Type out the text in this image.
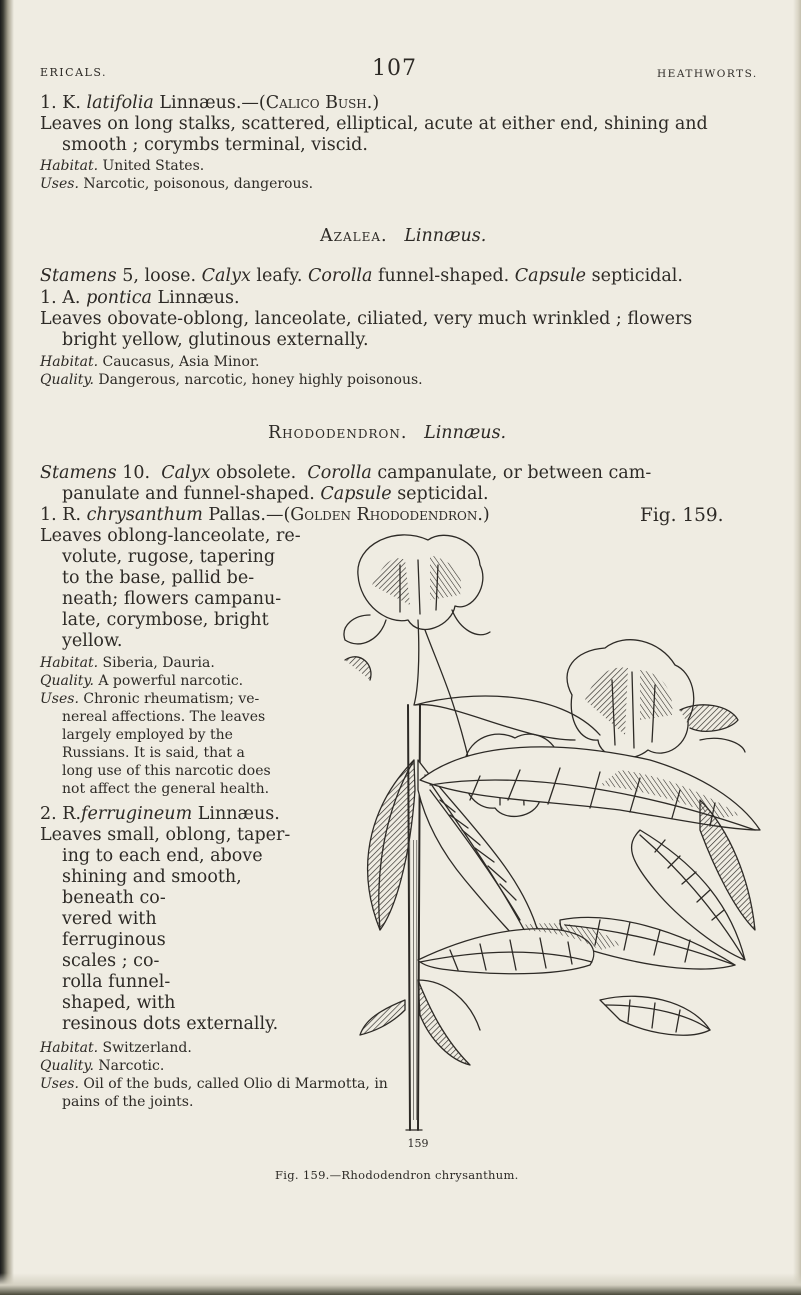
ERICALS.	107	HEATHWORTS.
1. K. latifolia Linnæus.—(Calico Bush.)
Leaves on long stalks, scattered, elliptical, acute at either end, shining and
smooth ; corymbs terminal, viscid.
Habitat. United States.
Uses. Narcotic, poisonous, dangerous.
Azalea. Linnæus.
Stamens 5, loose. Calyx leafy. Corolla funnel-shaped. Capsule septicidal.
1. A. pontica Linnæus.
Leaves obovate-oblong, lanceolate, ciliated, very much wrinkled ; flowers
bright yellow, glutinous externally.
Habitat. Caucasus, Asia Minor.
Quality. Dangerous, narcotic, honey highly poisonous.
Rhododendron. Linnæus.
Stamens 10. Calyx obsolete. Corolla campanulate, or between cam-
panulate and funnel-shaped. Capsule septicidal.
1. R. chrysanthum Pallas.—(Golden Rhododendron.)	Fig. 159.
Leaves oblong-lanceolate, re-
volute, rugose, tapering
to the base, pallid be-
neath; flowers campanu-
late, corymbose, bright
yellow.
Habitat. Siberia, Dauria.
Quality. A powerful narcotic.
Uses. Chronic rheumatism; ve-
nereal affections. The leaves
largely employed by the
Russians. It is said, that a
long use of this narcotic does
not affect the general health.
2. R.ferrugineum Linnæus.
Leaves small, oblong, taper-
ing to each end, above
shining and smooth,
beneath co-
vered with
ferruginous
scales ; co-
rolla funnel-
shaped, with
resinous dots externally.
Habitat. Switzerland.
Quality. Narcotic.
Uses. Oil of the buds, called Olio di Marmotta, in
pains of the joints.
159
Fig. 159.—Rhododendron chrysanthum.
